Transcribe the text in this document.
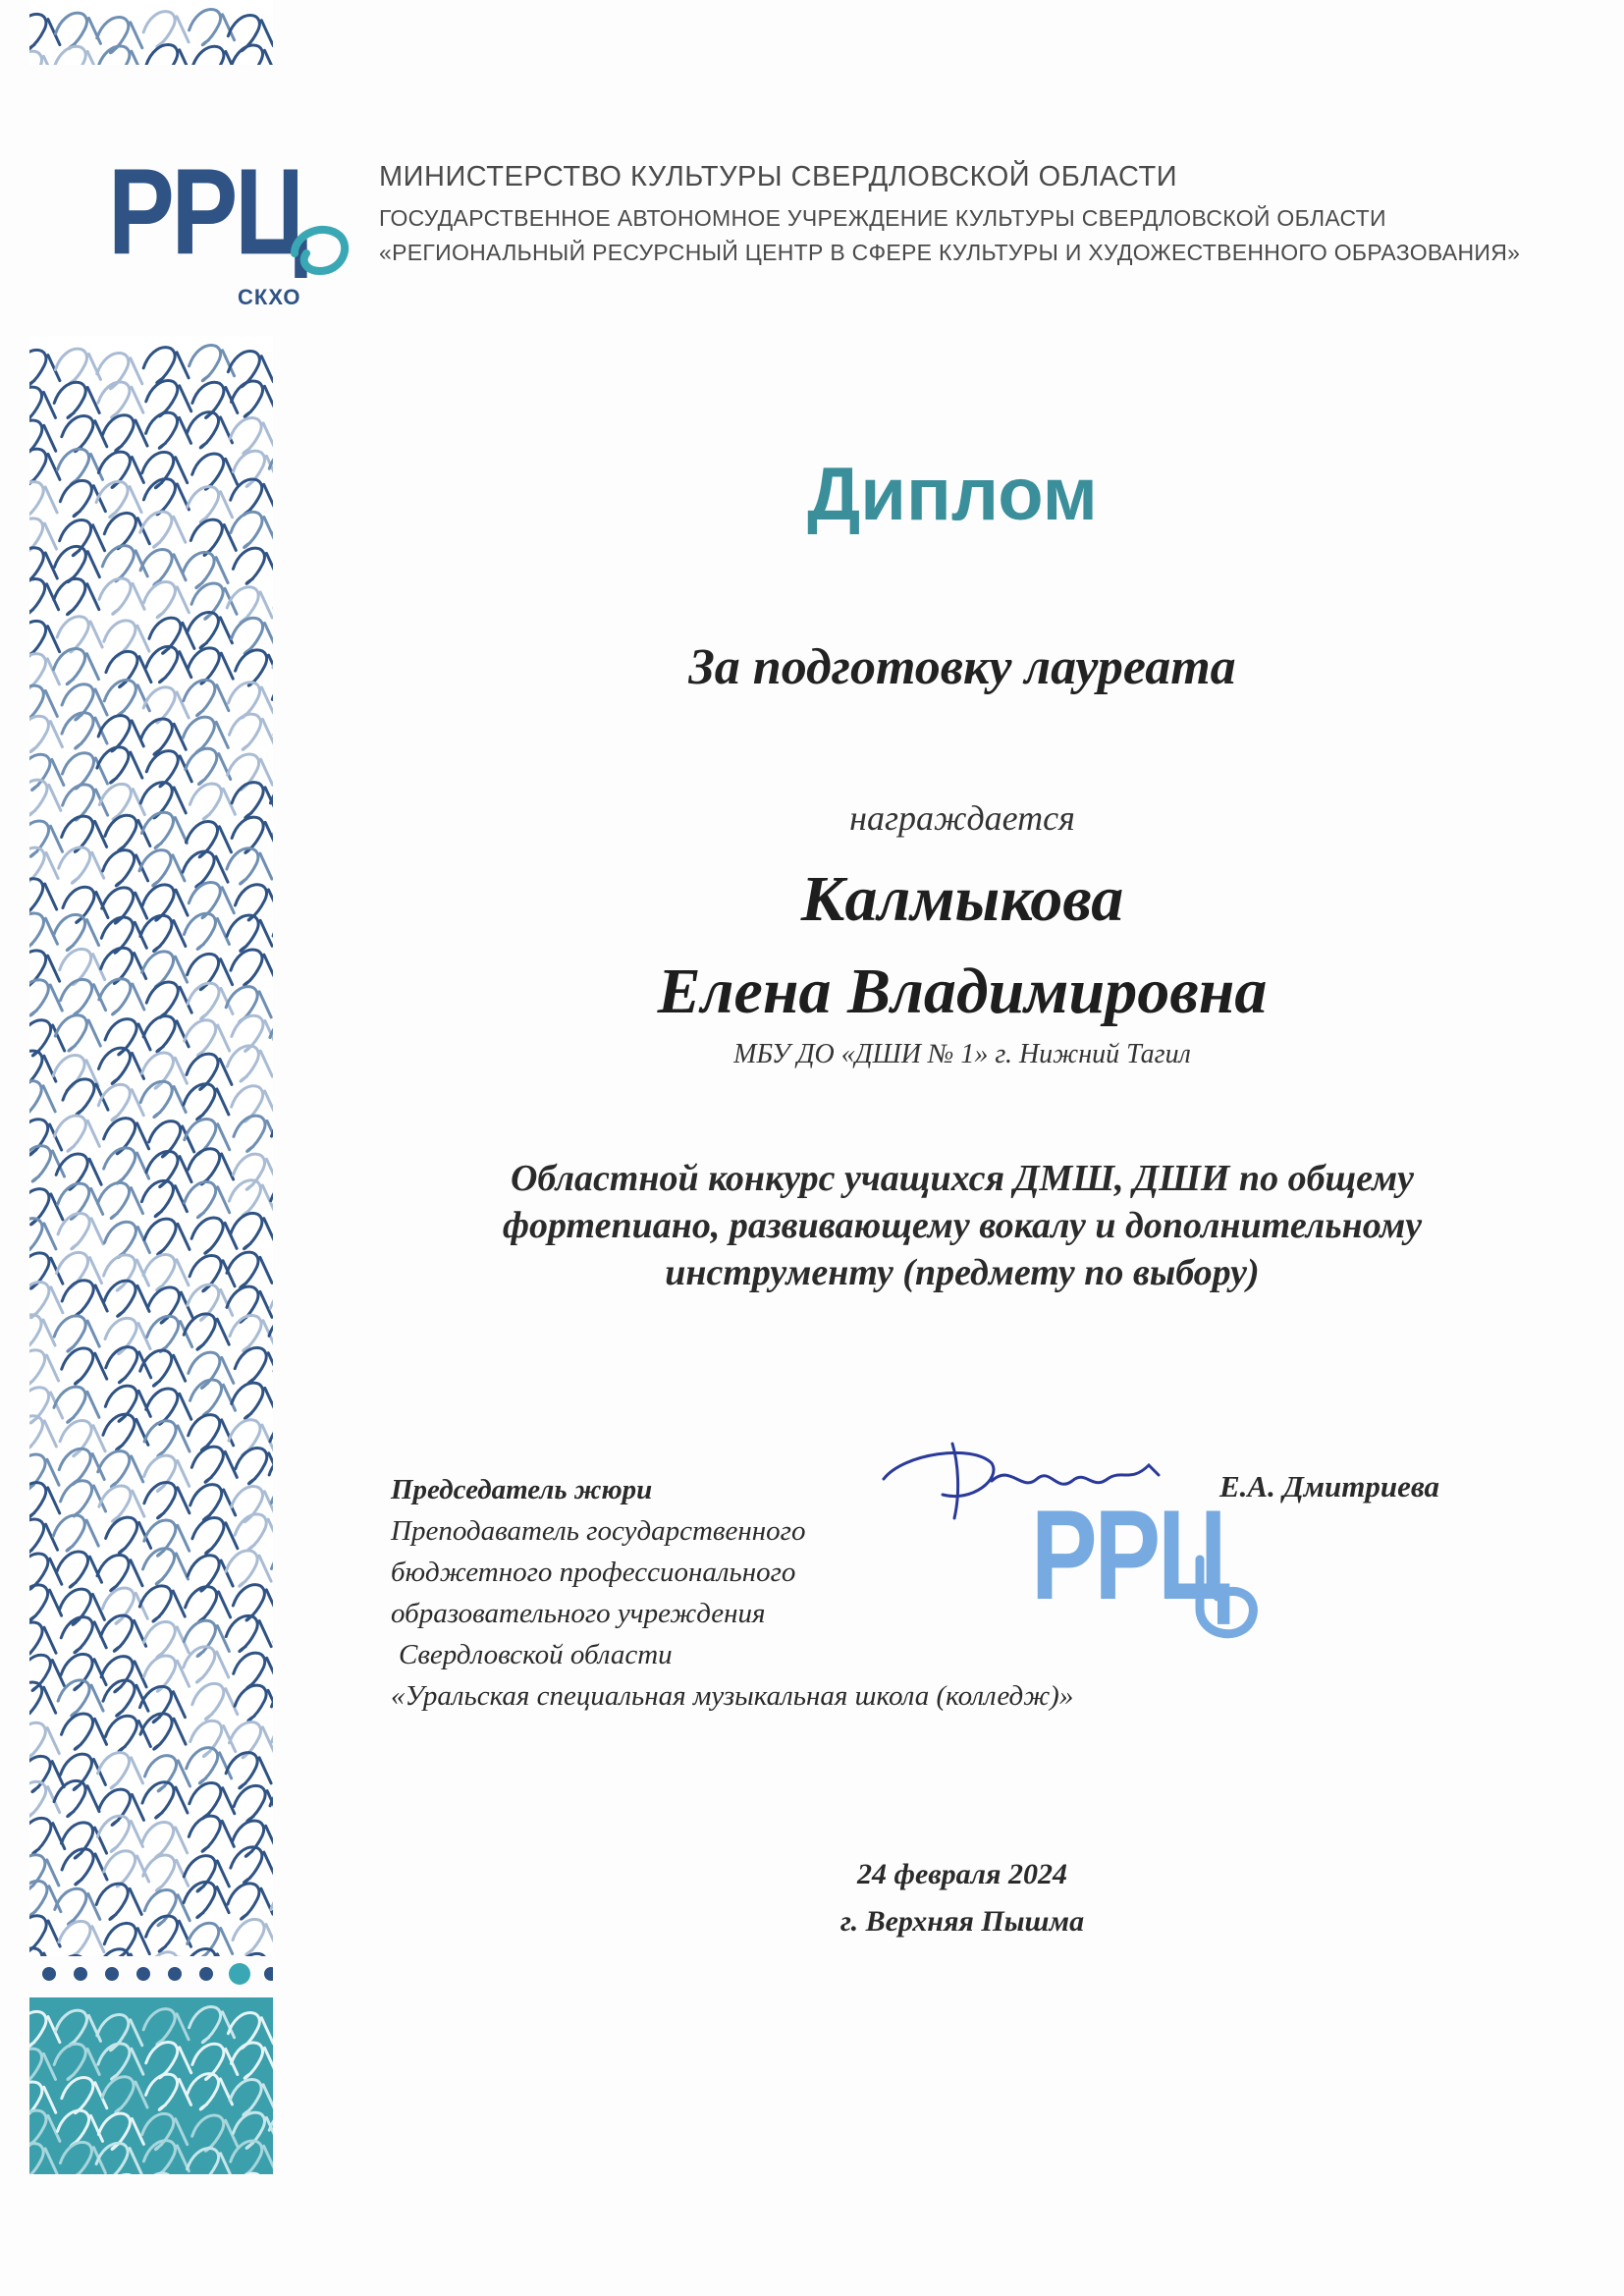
РРЦ
СКХО
МИНИСТЕРСТВО КУЛЬТУРЫ СВЕРДЛОВСКОЙ ОБЛАСТИ
ГОСУДАРСТВЕННОЕ АВТОНОМНОЕ УЧРЕЖДЕНИЕ КУЛЬТУРЫ СВЕРДЛОВСКОЙ ОБЛАСТИ
«РЕГИОНАЛЬНЫЙ РЕСУРСНЫЙ ЦЕНТР В СФЕРЕ КУЛЬТУРЫ И ХУДОЖЕСТВЕННОГО ОБРАЗОВАНИЯ»
Диплом
За подготовку лауреата
награждается
Калмыкова
Елена Владимировна
МБУ ДО «ДШИ № 1» г. Нижний Тагил
Областной конкурс учащихся ДМШ, ДШИ по общему
фортепиано, развивающему вокалу и дополнительному
инструменту (предмету по выбору)
РРЦ
Председатель жюри
Преподаватель государственного
бюджетного профессионального
образовательного учреждения
Свердловской области
«Уральская специальная музыкальная школа (колледж)»
Е.А. Дмитриева
24 февраля 2024
г. Верхняя Пышма
